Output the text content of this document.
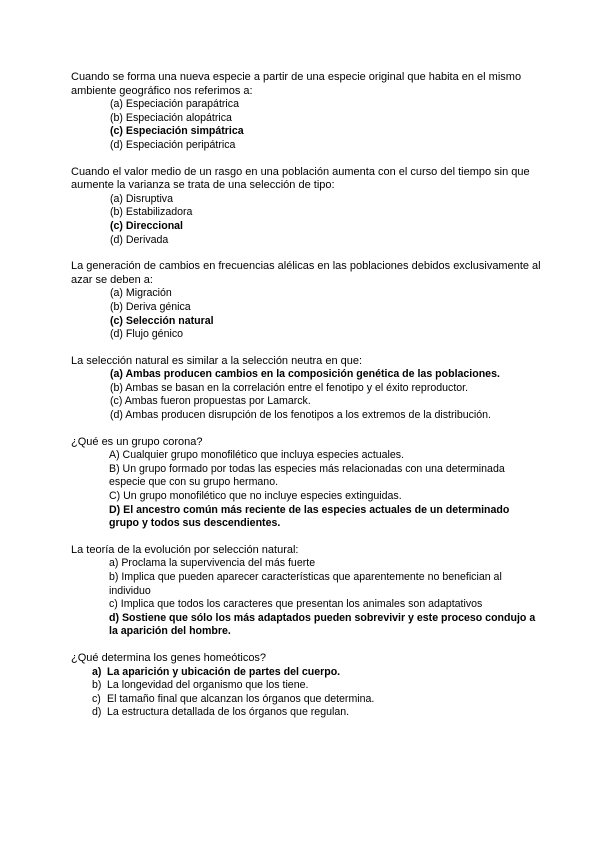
Cuando se forma una nueva especie a partir de una especie original que habita en el mismo ambiente geográfico nos referimos a:

(a) Especiación parapátrica
(b) Especiación alopátrica
(c) Especiación simpátrica
(d) Especiación peripátrica

Cuando el valor medio de un rasgo en una población aumenta con el curso del tiempo sin que aumente la varianza se trata de una selección de tipo:

(a) Disruptiva
(b) Estabilizadora
(c) Direccional
(d) Derivada

La generación de cambios en frecuencias alélicas en las poblaciones debidos exclusivamente al azar se deben a:

(a) Migración
(b) Deriva génica
(c) Selección natural
(d) Flujo génico

La selección natural es similar a la selección neutra en que:

(a) Ambas producen cambios en la composición genética de las poblaciones.
(b) Ambas se basan en la correlación entre el fenotipo y el éxito reproductor.
(c) Ambas fueron propuestas por Lamarck.
(d) Ambas producen disrupción de los fenotipos a los extremos de la distribución.

¿Qué es un grupo corona?

A) Cualquier grupo monofilético que incluya especies actuales.
B) Un grupo formado por todas las especies más relacionadas con una determinada especie que con su grupo hermano.
C) Un grupo monofilético que no incluye especies extinguidas.
D) El ancestro común más reciente de las especies actuales de un determinado grupo y todos sus descendientes.

La teoría de la evolución por selección natural:

a) Proclama la supervivencia del más fuerte
b) Implica que pueden aparecer características que aparentemente no benefician al individuo
c) Implica que todos los caracteres que presentan los animales son adaptativos
d) Sostiene que sólo los más adaptados pueden sobrevivir y este proceso condujo a la aparición del hombre.

¿Qué determina los genes homeóticos?

a) La aparición y ubicación de partes del cuerpo.
b) La longevidad del organismo que los tiene.
c) El tamaño final que alcanzan los órganos que determina.
d) La estructura detallada de los órganos que regulan.
